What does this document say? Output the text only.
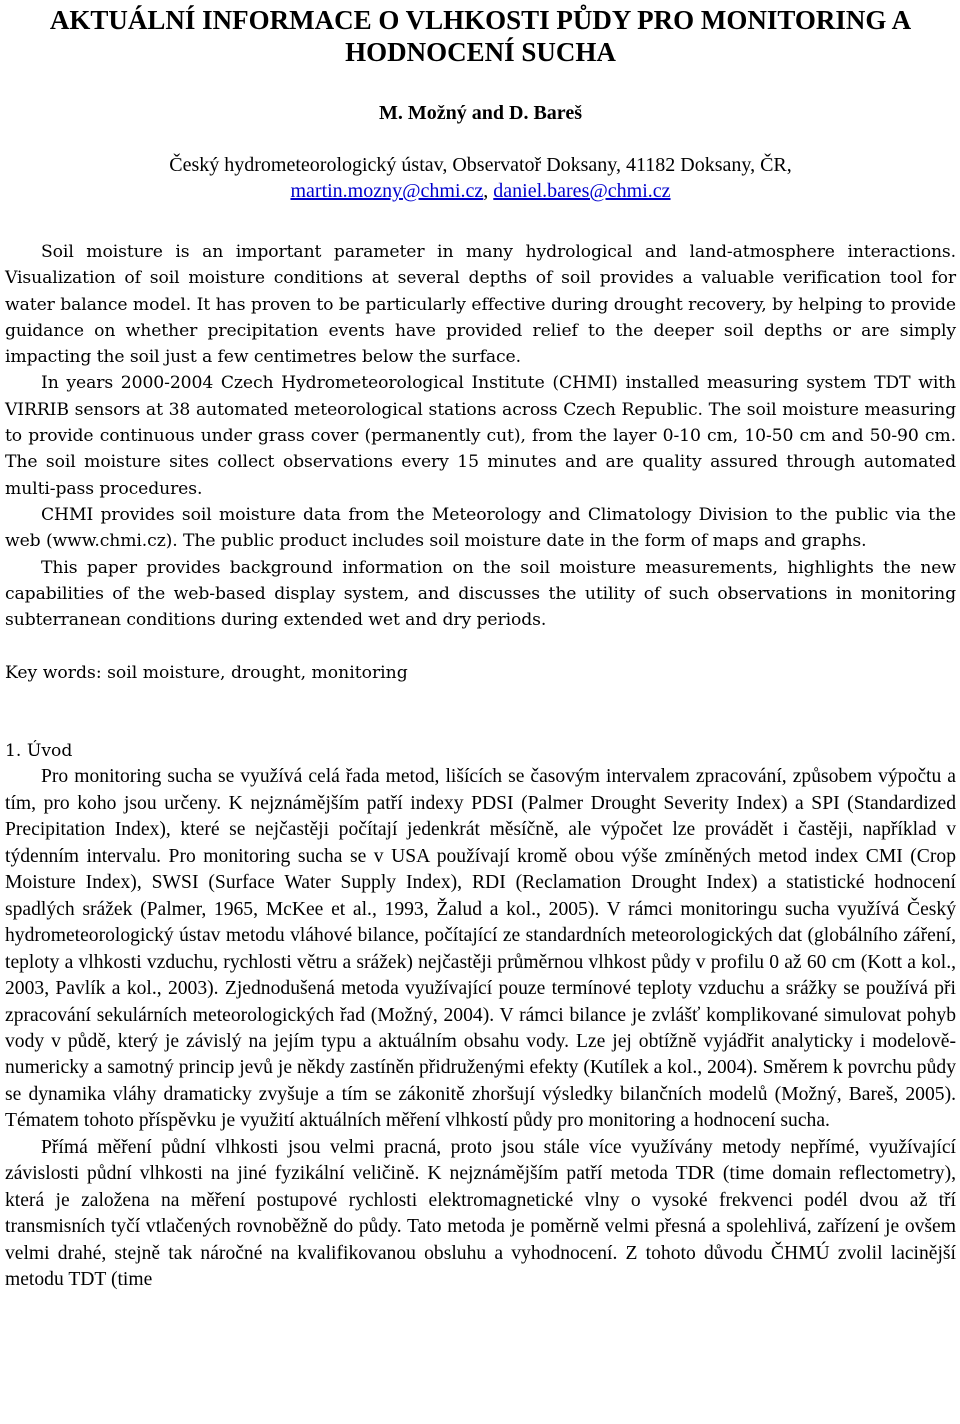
AKTUÁLNÍ INFORMACE O VLHKOSTI PŮDY PRO MONITORING A
HODNOCENÍ SUCHA
M. Možný and D. Bareš
Český hydrometeorologický ústav, Observatoř Doksany, 41182 Doksany, ČR,
martin.mozny@chmi.cz, daniel.bares@chmi.cz

Soil moisture is an important parameter in many hydrological and land-atmosphere interactions. Visualization of soil moisture conditions at several depths of soil provides a valuable verification tool for water balance model. It has proven to be particularly effective during drought recovery, by helping to provide guidance on whether precipitation events have provided relief to the deeper soil depths or are simply impacting the soil just a few centimetres below the surface.

In years 2000-2004 Czech Hydrometeorological Institute (CHMI) installed measuring system TDT with VIRRIB sensors at 38 automated meteorological stations across Czech Republic. The soil moisture measuring to provide continuous under grass cover (permanently cut), from the layer 0-10 cm, 10-50 cm and 50-90 cm. The soil moisture sites collect observations every 15 minutes and are quality assured through automated multi-pass procedures.

CHMI provides soil moisture data from the Meteorology and Climatology Division to the public via the web (www.chmi.cz). The public product includes soil moisture date in the form of maps and graphs.

This paper provides background information on the soil moisture measurements, highlights the new capabilities of the web-based display system, and discusses the utility of such observations in monitoring subterranean conditions during extended wet and dry periods.

Key words: soil moisture, drought, monitoring
1. Úvod

Pro monitoring sucha se využívá celá řada metod, lišících se časovým intervalem zpracování, způsobem výpočtu a tím, pro koho jsou určeny. K nejznámějším patří indexy PDSI (Palmer Drought Severity Index) a SPI (Standardized Precipitation Index), které se nejčastěji počítají jedenkrát měsíčně, ale výpočet lze provádět i častěji, například v týdenním intervalu. Pro monitoring sucha se v USA používají kromě obou výše zmíněných metod index CMI (Crop Moisture Index), SWSI (Surface Water Supply Index), RDI (Reclamation Drought Index) a statistické hodnocení spadlých srážek (Palmer, 1965, McKee et al., 1993, Žalud a kol., 2005). V rámci monitoringu sucha využívá Český hydrometeorologický ústav metodu vláhové bilance, počítající ze standardních meteorologických dat (globálního záření, teploty a vlhkosti vzduchu, rychlosti větru a srážek) nejčastěji průměrnou vlhkost půdy v profilu 0 až 60 cm (Kott a kol., 2003, Pavlík a kol., 2003). Zjednodušená metoda využívající pouze termínové teploty vzduchu a srážky se používá při zpracování sekulárních meteorologických řad (Možný, 2004). V rámci bilance je zvlášť komplikované simulovat pohyb vody v půdě, který je závislý na jejím typu a aktuálním obsahu vody. Lze jej obtížně vyjádřit analyticky i modelově-numericky a samotný princip jevů je někdy zastíněn přidruženými efekty (Kutílek a kol., 2004). Směrem k povrchu půdy se dynamika vláhy dramaticky zvyšuje a tím se zákonitě zhoršují výsledky bilančních modelů (Možný, Bareš, 2005). Tématem tohoto příspěvku je využití aktuálních měření vlhkostí půdy pro monitoring a hodnocení sucha.

Přímá měření půdní vlhkosti jsou velmi pracná, proto jsou stále více využívány metody nepřímé, využívající závislosti půdní vlhkosti na jiné fyzikální veličině. K nejznámějším patří metoda TDR (time domain reflectometry), která je založena na měření postupové rychlosti elektromagnetické vlny o vysoké frekvenci podél dvou až tří transmisních tyčí vtlačených rovnoběžně do půdy. Tato metoda je poměrně velmi přesná a spolehlivá, zařízení je ovšem velmi drahé, stejně tak náročné na kvalifikovanou obsluhu a vyhodnocení. Z tohoto důvodu ČHMÚ zvolil lacinější metodu TDT (time
